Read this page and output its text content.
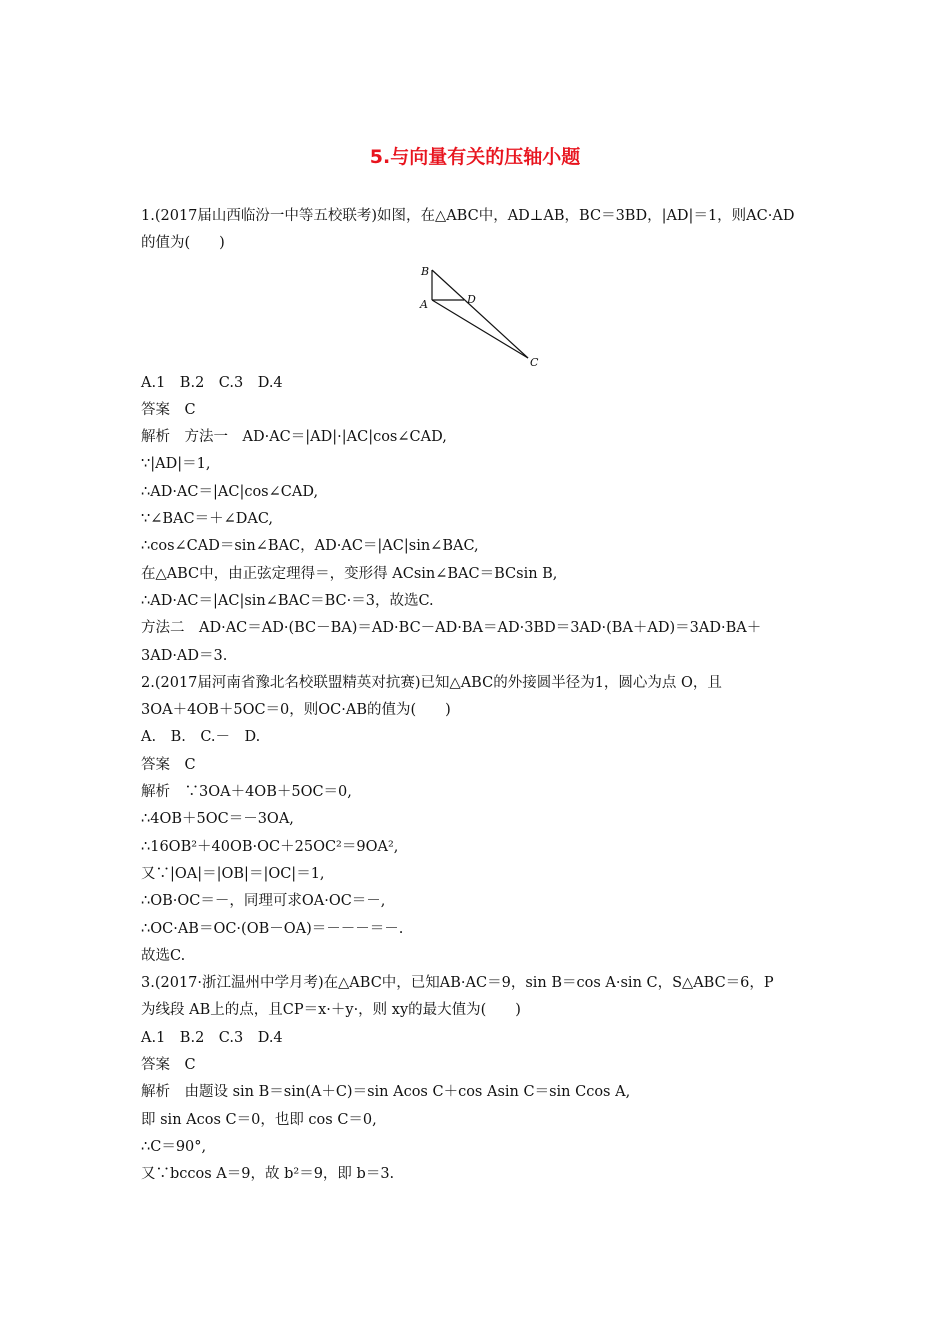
5.与向量有关的压轴小题
1.(2017届山西临汾一中等五校联考)如图，在△ABC中，AD⊥AB，BC＝3BD，|AD|＝1，则AC·AD
的值为(　　)
B
A	D
C
A.1　B.2　C.3　D.4
答案　C
解析　方法一　AD·AC＝|AD|·|AC|cos∠CAD,
∵|AD|＝1,
∴AD·AC＝|AC|cos∠CAD,
∵∠BAC＝＋∠DAC,
∴cos∠CAD＝sin∠BAC，AD·AC＝|AC|sin∠BAC,
在△ABC中，由正弦定理得＝，变形得 ACsin∠BAC＝BCsin B,
∴AD·AC＝|AC|sin∠BAC＝BC·＝3，故选C.
方法二　AD·AC＝AD·(BC－BA)＝AD·BC－AD·BA＝AD·3BD＝3AD·(BA＋AD)＝3AD·BA＋
3AD·AD＝3.
2.(2017届河南省豫北名校联盟精英对抗赛)已知△ABC的外接圆半径为1，圆心为点 O，且
3OA＋4OB＋5OC＝0，则OC·AB的值为(　　)
A.　B.　C.－　D.
答案　C
解析　∵3OA＋4OB＋5OC＝0,
∴4OB＋5OC＝－3OA,
∴16OB²＋40OB·OC＋25OC²＝9OA²,
又∵|OA|＝|OB|＝|OC|＝1,
∴OB·OC＝－，同理可求OA·OC＝－,
∴OC·AB＝OC·(OB－OA)＝－－－＝－.
故选C.
3.(2017·浙江温州中学月考)在△ABC中，已知AB·AC＝9，sin B＝cos A·sin C，S△ABC＝6，P
为线段 AB上的点，且CP＝x·＋y·，则 xy的最大值为(　　)
A.1　B.2　C.3　D.4
答案　C
解析　由题设 sin B＝sin(A＋C)＝sin Acos C＋cos Asin C＝sin Ccos A,
即 sin Acos C＝0，也即 cos C＝0,
∴C＝90°,
又∵bccos A＝9，故 b²＝9，即 b＝3.
